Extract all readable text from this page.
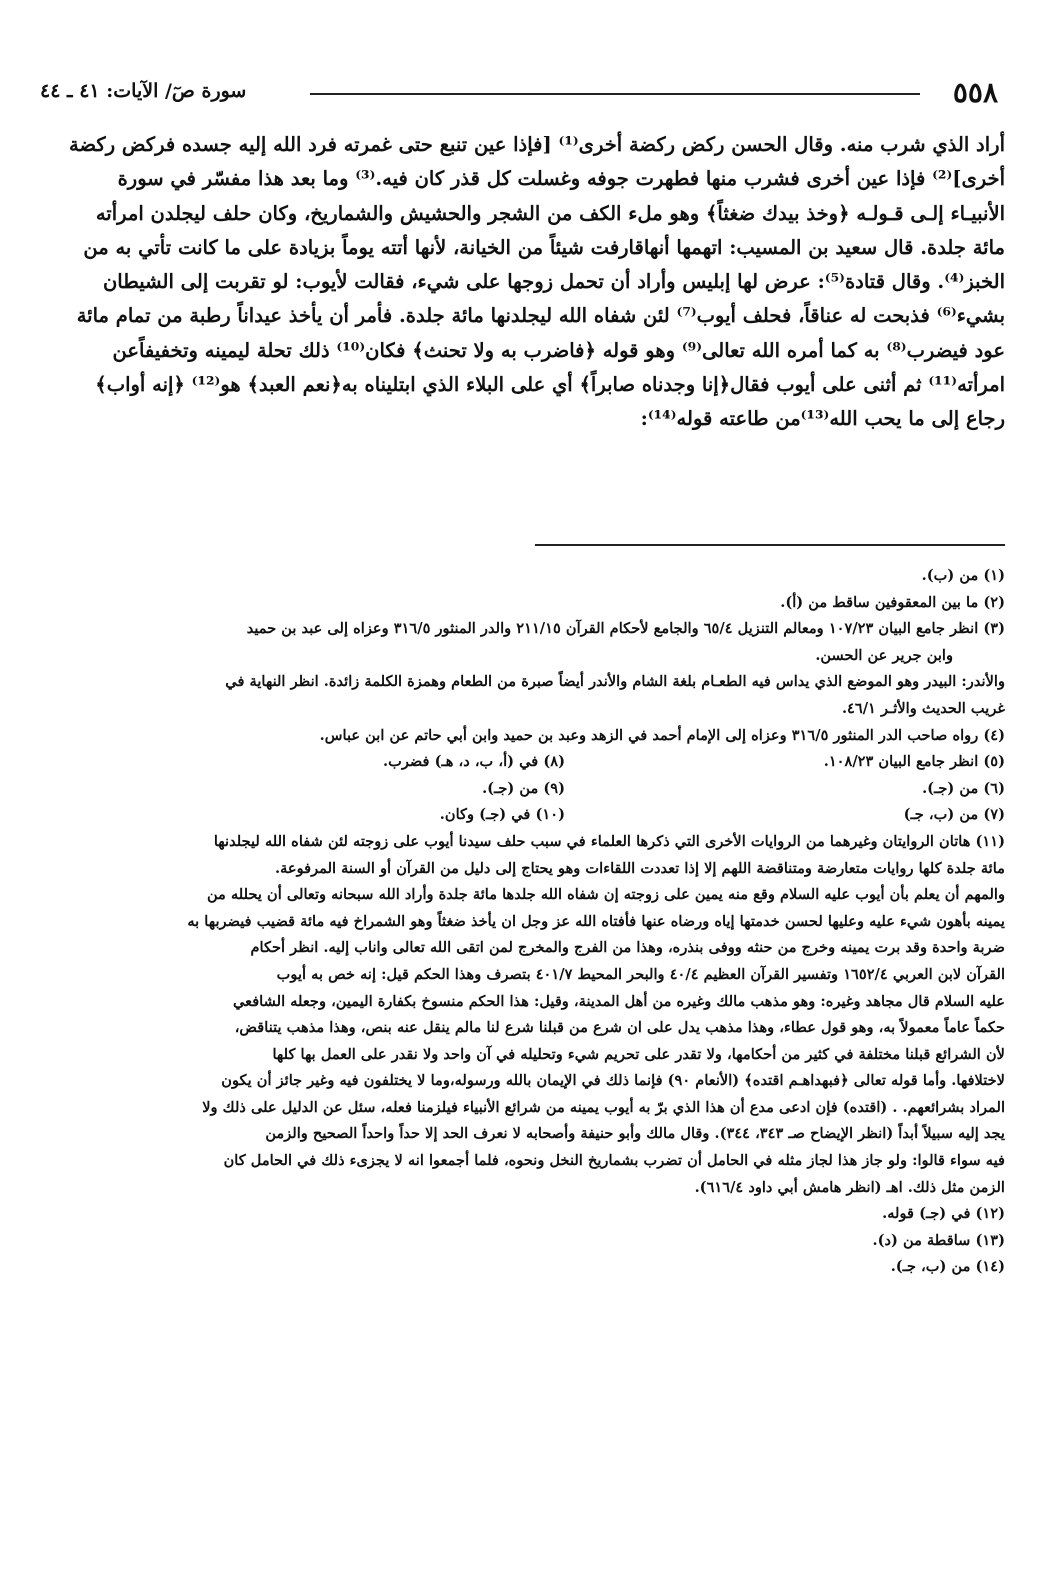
٥٥٨
سورة صٓ/ الآيات: ٤١ ـ ٤٤

أراد الذي شرب منه. وقال الحسن ركض ركضة أخرى⁽¹⁾ [فإذا عين تنبع حتى غمرته فرد الله إليه جسده فركض ركضة

أخرى]⁽²⁾ فإذا عين أخرى فشرب منها فطهرت جوفه وغسلت كل قذر كان فيه.⁽³⁾ وما بعد هذا مفسّر في سورة

الأنبيـاء إلـى قـولـه ﴿وخذ بيدك ضغثاً﴾ وهو ملء الكف من الشجر والحشيش والشماريخ، وكان حلف ليجلدن امرأته

مائة جلدة. قال سعيد بن المسيب: اتهمها أنهاقارفت شيئاً من الخيانة، لأنها أتته يوماً بزيادة على ما كانت تأتي به من

الخبز⁽⁴⁾. وقال قتادة⁽⁵⁾: عرض لها إبليس وأراد أن تحمل زوجها على شيء، فقالت لأيوب: لو تقربت إلى الشيطان

بشيء⁽⁶⁾ فذبحت له عناقاً، فحلف أيوب⁽⁷⁾ لئن شفاه الله ليجلدنها مائة جلدة. فأمر أن يأخذ عيداناً رطبة من تمام مائة

عود فيضرب⁽⁸⁾ به كما أمره الله تعالى⁽⁹⁾ وهو قوله ﴿فاضرب به ولا تحنث﴾ فكان⁽¹⁰⁾ ذلك تحلة ليمينه وتخفيفاًعن

امرأته⁽¹¹⁾ ثم أثنى على أيوب فقال﴿إنا وجدناه صابراً﴾ أي على البلاء الذي ابتليناه به﴿نعم العبد﴾ هو⁽¹²⁾ ﴿إنه أواب﴾

رجاع إلى ما يحب الله⁽¹³⁾من طاعته قوله⁽¹⁴⁾:

(١) من (ب).

(٢) ما بين المعقوفين ساقط من (أ).

(٣) انظر جامع البيان ١٠٧/٢٣ ومعالم التنزيل ٦٥/٤ والجامع لأحكام القرآن ٢١١/١٥ والدر المنثور ٣١٦/٥ وعزاه إلى عبد بن حميد

وابن جرير عن الحسن.

والأندر: البيدر وهو الموضع الذي يداس فيه الطعـام بلغة الشام والأندر أيضاً صبرة من الطعام وهمزة الكلمة زائدة. انظر النهاية في

غريب الحديث والأثـر ٤٦/١.

(٤) رواه صاحب الدر المنثور ٣١٦/٥ وعزاه إلى الإمام أحمد في الزهد وعبد بن حميد وابن أبي حاتم عن ابن عباس.

(٥) انظر جامع البيان ١٠٨/٢٣.
(٨) في (أ، ب، د، هـ) فضرب.
(٦) من (جـ).
(٩) من (جـ).
(٧) من (ب، جـ)
(١٠) في (جـ) وكان.

(١١) هاتان الروايتان وغيرهما من الروايات الأخرى التي ذكرها العلماء في سبب حلف سيدنا أيوب على زوجته لئن شفاه الله ليجلدنها

مائة جلدة كلها روايات متعارضة ومتناقضة اللهم إلا إذا تعددت اللقاءات وهو يحتاج إلى دليل من القرآن أو السنة المرفوعة.

والمهم أن يعلم بأن أيوب عليه السلام وقع منه يمين على زوجته إن شفاه الله جلدها مائة جلدة وأراد الله سبحانه وتعالى أن يحلله من

يمينه بأهون شيء عليه وعليها لحسن خدمتها إياه ورضاه عنها فأفتاه الله عز وجل ان يأخذ ضغثاً وهو الشمراخ فيه مائة قضيب فيضربها به

ضربة واحدة وقد برت يمينه وخرج من حنثه ووفى بنذره، وهذا من الفرج والمخرج لمن اتقى الله تعالى واناب إليه. انظر أحكام

القرآن لابن العربي ١٦٥٢/٤ وتفسير القرآن العظيم ٤٠/٤ والبحر المحيط ٤٠١/٧ بتصرف وهذا الحكم قيل: إنه خص به أيوب

عليه السلام قال مجاهد وغيره: وهو مذهب مالك وغيره من أهل المدينة، وقيل: هذا الحكم منسوخ بكفارة اليمين، وجعله الشافعي

حكماً عاماً معمولاً به، وهو قول عطاء، وهذا مذهب يدل على ان شرع من قبلنا شرع لنا مالم ينقل عنه بنص، وهذا مذهب يتناقض،

لأن الشرائع قبلنا مختلفة في كثير من أحكامها، ولا تقدر على تحريم شيء وتحليله في آن واحد ولا نقدر على العمل بها كلها

لاختلافها. وأما قوله تعالى ﴿فبهداهـم اقتده﴾ (الأنعام ٩٠) فإنما ذلك في الإيمان بالله ورسوله،وما لا يختلفون فيه وغير جائز أن يكون

المراد بشرائعهم. . (اقتده) فإن ادعى مدع أن هذا الذي برّ به أيوب يمينه من شرائع الأنبياء فيلزمنا فعله، سئل عن الدليل على ذلك ولا

يجد إليه سبيلاً أبداً (انظر الإيضاح صـ ٣٤٣، ٣٤٤). وقال مالك وأبو حنيفة وأصحابه لا نعرف الحد إلا حداً واحداً الصحيح والزمن

فيه سواء قالوا: ولو جاز هذا لجاز مثله في الحامل أن تضرب بشماريخ النخل ونحوه، فلما أجمعوا انه لا يجزىء ذلك في الحامل كان

الزمن مثل ذلك. اهـ (انظر هامش أبي داود ٦١٦/٤).

(١٢) في (جـ) قوله.

(١٣) ساقطة من (د).

(١٤) من (ب، جـ).
